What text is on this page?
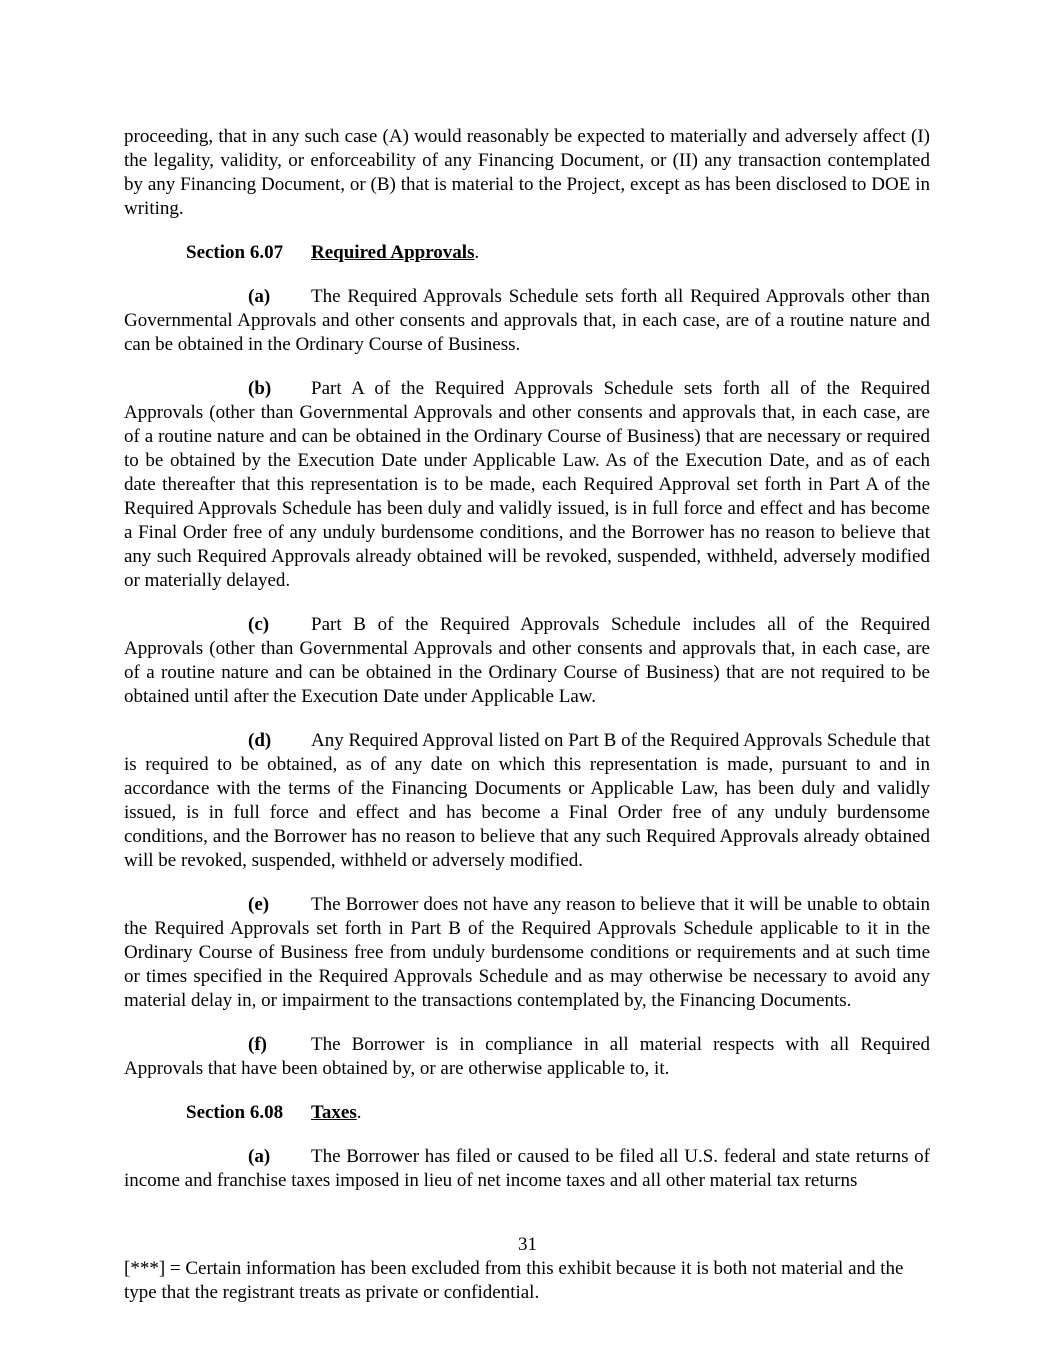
proceeding, that in any such case (A) would reasonably be expected to materially and adversely affect (I) the legality, validity, or enforceability of any Financing Document, or (II) any transaction contemplated by any Financing Document, or (B) that is material to the Project, except as has been disclosed to DOE in writing.

Section 6.07 Required Approvals.

(a) The Required Approvals Schedule sets forth all Required Approvals other than Governmental Approvals and other consents and approvals that, in each case, are of a routine nature and can be obtained in the Ordinary Course of Business.

(b) Part A of the Required Approvals Schedule sets forth all of the Required Approvals (other than Governmental Approvals and other consents and approvals that, in each case, are of a routine nature and can be obtained in the Ordinary Course of Business) that are necessary or required to be obtained by the Execution Date under Applicable Law. As of the Execution Date, and as of each date thereafter that this representation is to be made, each Required Approval set forth in Part A of the Required Approvals Schedule has been duly and validly issued, is in full force and effect and has become a Final Order free of any unduly burdensome conditions, and the Borrower has no reason to believe that any such Required Approvals already obtained will be revoked, suspended, withheld, adversely modified or materially delayed.

(c) Part B of the Required Approvals Schedule includes all of the Required Approvals (other than Governmental Approvals and other consents and approvals that, in each case, are of a routine nature and can be obtained in the Ordinary Course of Business) that are not required to be obtained until after the Execution Date under Applicable Law.

(d) Any Required Approval listed on Part B of the Required Approvals Schedule that is required to be obtained, as of any date on which this representation is made, pursuant to and in accordance with the terms of the Financing Documents or Applicable Law, has been duly and validly issued, is in full force and effect and has become a Final Order free of any unduly burdensome conditions, and the Borrower has no reason to believe that any such Required Approvals already obtained will be revoked, suspended, withheld or adversely modified.

(e) The Borrower does not have any reason to believe that it will be unable to obtain the Required Approvals set forth in Part B of the Required Approvals Schedule applicable to it in the Ordinary Course of Business free from unduly burdensome conditions or requirements and at such time or times specified in the Required Approvals Schedule and as may otherwise be necessary to avoid any material delay in, or impairment to the transactions contemplated by, the Financing Documents.

(f) The Borrower is in compliance in all material respects with all Required Approvals that have been obtained by, or are otherwise applicable to, it.

Section 6.08 Taxes.

(a) The Borrower has filed or caused to be filed all U.S. federal and state returns of income and franchise taxes imposed in lieu of net income taxes and all other material tax returns

31

[***] = Certain information has been excluded from this exhibit because it is both not material and the type that the registrant treats as private or confidential.
